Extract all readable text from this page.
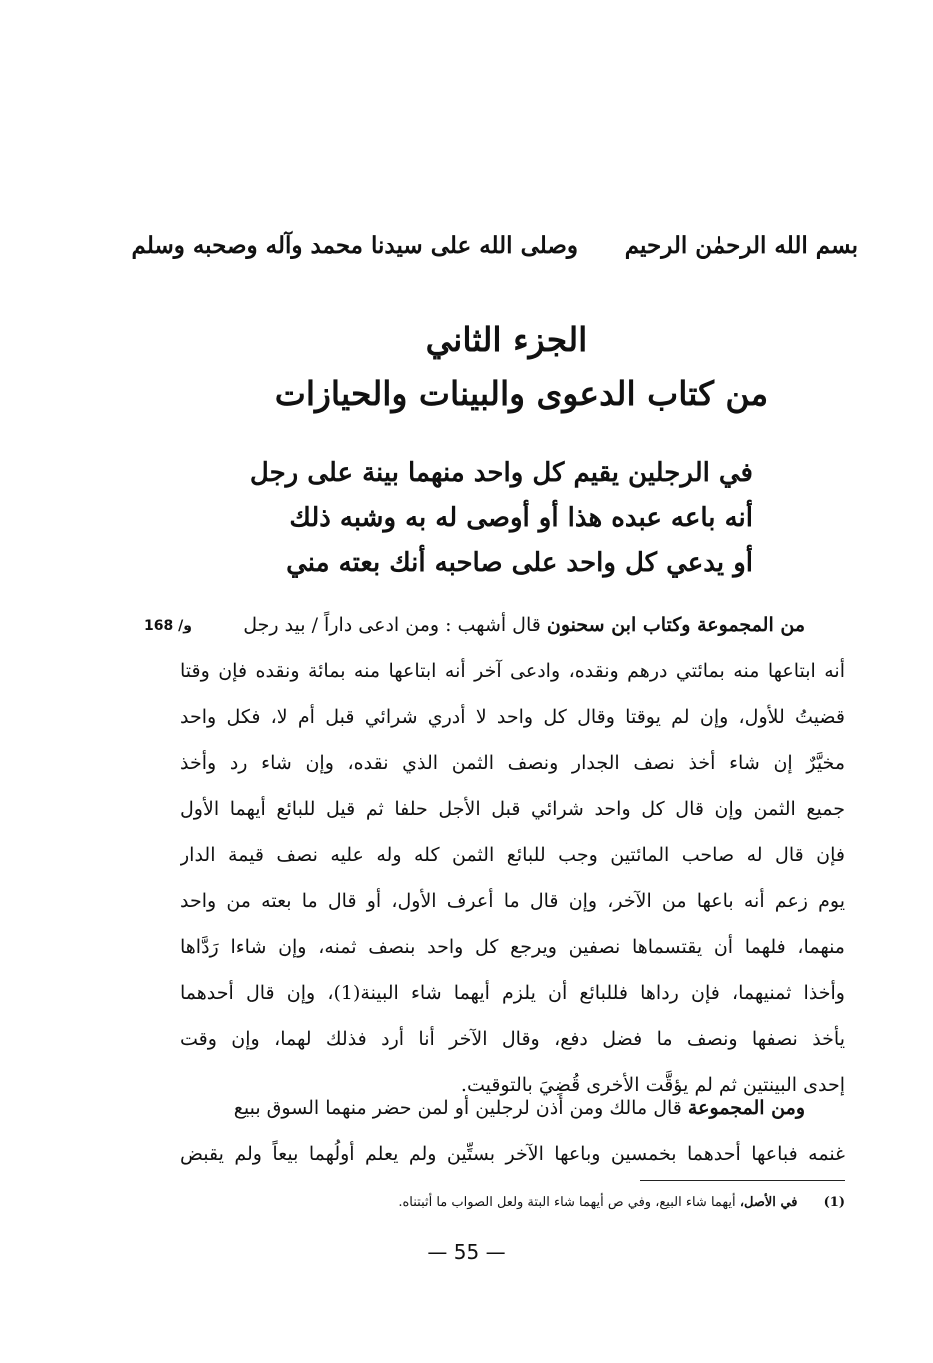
بسم الله الرحمٰن الرحيم
وصلى الله على سيدنا محمد وآله وصحبه وسلم
الجزء الثاني
من كتاب الدعوى والبينات والحيازات
في الرجلين يقيم كل واحد منهما بينة على رجل
أنه باعه عبده هذا أو أوصى له به وشبه ذلك
أو يدعي كل واحد على صاحبه أنك بعته مني
168 /و	من المجموعة وكتاب ابن سحنون قال أشهب : ومن ادعى داراً / بيد رجل
أنه ابتاعها منه بمائتي درهم ونقده، وادعى آخر أنه ابتاعها منه بمائة ونقده فإن وقتا
قضيتُ للأول، وإن لم يوقتا وقال كل واحد لا أدري شرائي قبل أم لا، فكل واحد
مخيَّرٌ إن شاء أخذ نصف الجدار ونصف الثمن الذي نقده، وإن شاء رد وأخذ
جميع الثمن وإن قال كل واحد شرائي قبل الأجل حلفا ثم قيل للبائع أيهما الأول
فإن قال له صاحب المائتين وجب للبائع الثمن كله وله عليه نصف قيمة الدار
يوم زعم أنه باعها من الآخر، وإن قال ما أعرف الأول، أو قال ما بعته من واحد
منهما، فلهما أن يقتسماها نصفين ويرجع كل واحد بنصف ثمنه، وإن شاءا رَدَّاها
وأخذا ثمنيهما، فإن رداها فللبائع أن يلزم أيهما شاء البينة(1)، وإن قال أحدهما
يأخذ نصفها ونصف ما فضل دفع، وقال الآخر أنا أرد فذلك لهما، وإن وقت
إحدى البينتين ثم لم يؤقَّت الأخرى قُضِيَ بالتوقيت.
ومن المجموعة قال مالك ومن أذن لرجلين أو لمن حضر منهما السوق ببيع
غنمه فباعها أحدهما بخمسين وباعها الآخر بستِّين ولم يعلم أولُهما بيعاً ولم يقبض
(1) في الأصل، أيهما شاء البيع، وفي ص أيهما شاء البتة ولعل الصواب ما أثبتناه.
— 55 —
